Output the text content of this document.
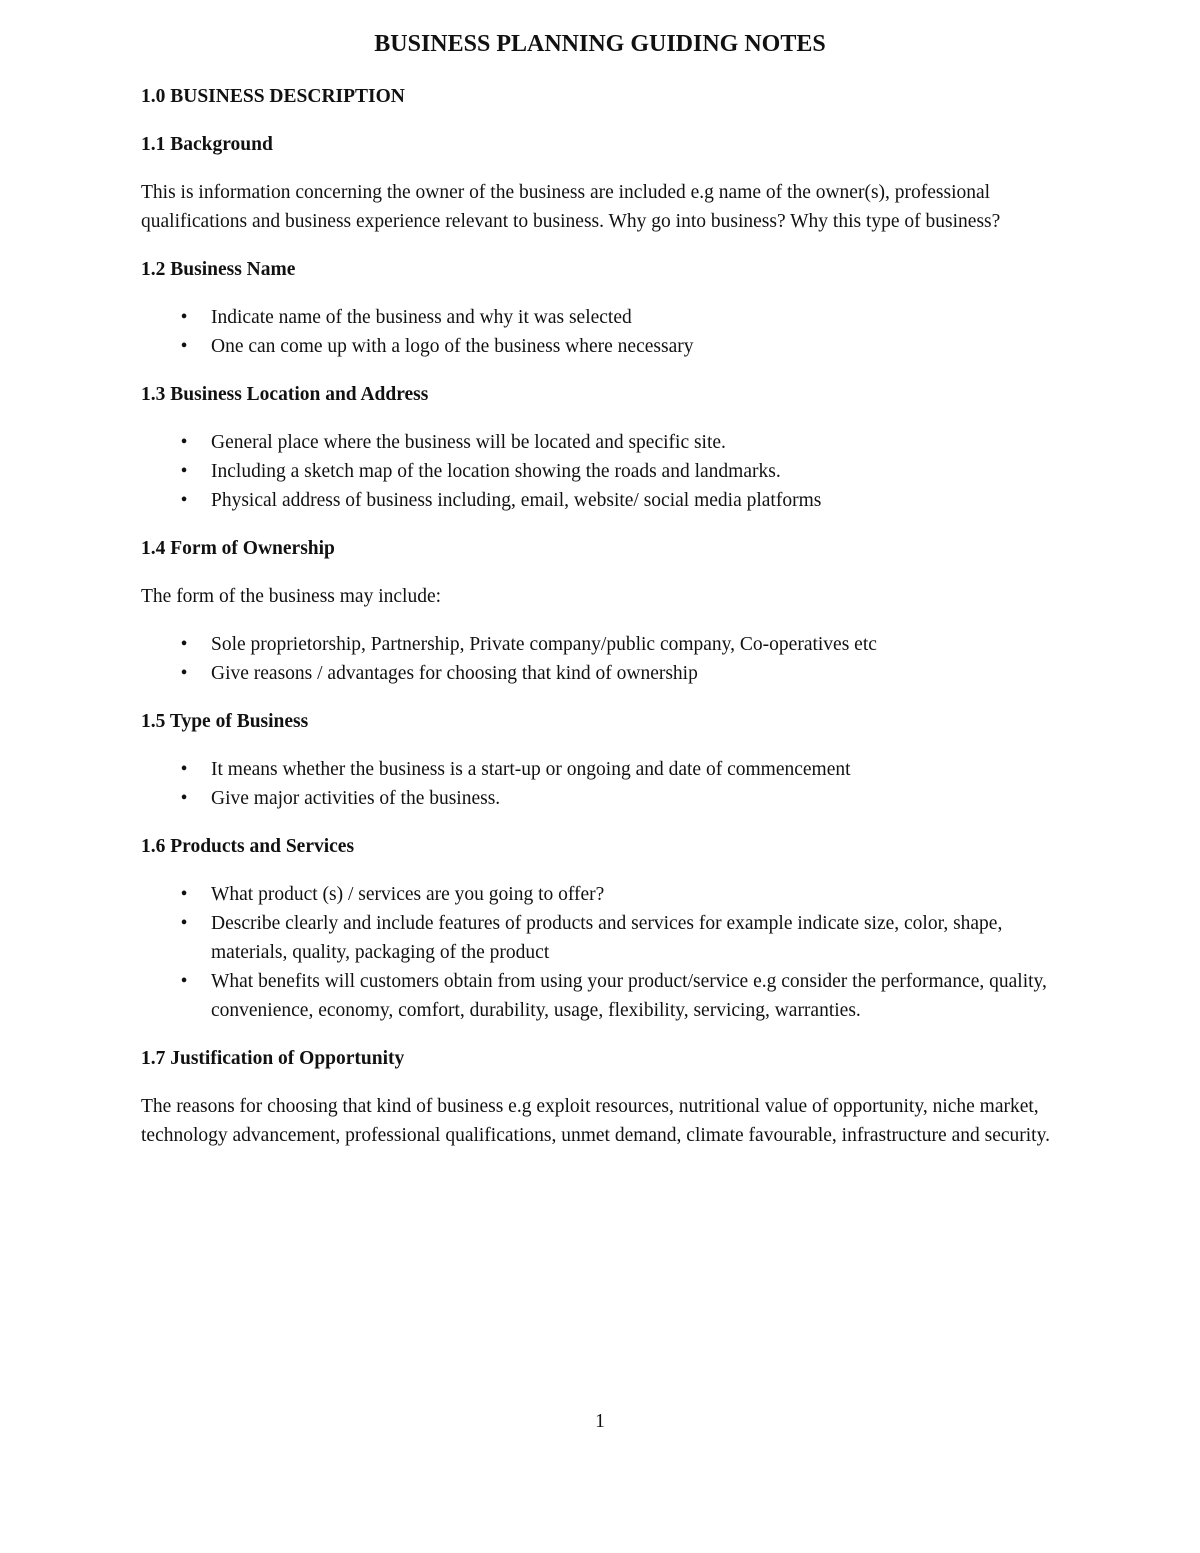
BUSINESS PLANNING GUIDING NOTES
1.0 BUSINESS DESCRIPTION
1.1 Background
This is information concerning the owner of the business are included e.g name of the owner(s), professional qualifications and business experience relevant to business. Why go into business? Why this type of business?
1.2 Business Name
•	Indicate name of the business and why it was selected
•	One can come up with a logo of the business where necessary
1.3 Business Location and Address
•	General place where the business will be located and specific site.
•	Including a sketch map of the location showing the roads and landmarks.
•	Physical address of business including, email, website/ social media platforms
1.4 Form of Ownership
The form of the business may include:
•	Sole proprietorship, Partnership, Private company/public company, Co-operatives etc
•	Give reasons / advantages for choosing that kind of ownership
1.5 Type of Business
•	It means whether the business is a start-up or ongoing and date of commencement
•	Give major activities of the business.
1.6 Products and Services
•	What product (s) / services are you going to offer?
•	Describe clearly and include features of products and services for example indicate size, color, shape, materials, quality, packaging of the product
•	What benefits will customers obtain from using your product/service e.g consider the performance, quality, convenience, economy, comfort, durability, usage, flexibility, servicing, warranties.
1.7 Justification of Opportunity
The reasons for choosing that kind of business e.g exploit resources, nutritional value of opportunity, niche market, technology advancement, professional qualifications, unmet demand, climate favourable, infrastructure and security.
1
